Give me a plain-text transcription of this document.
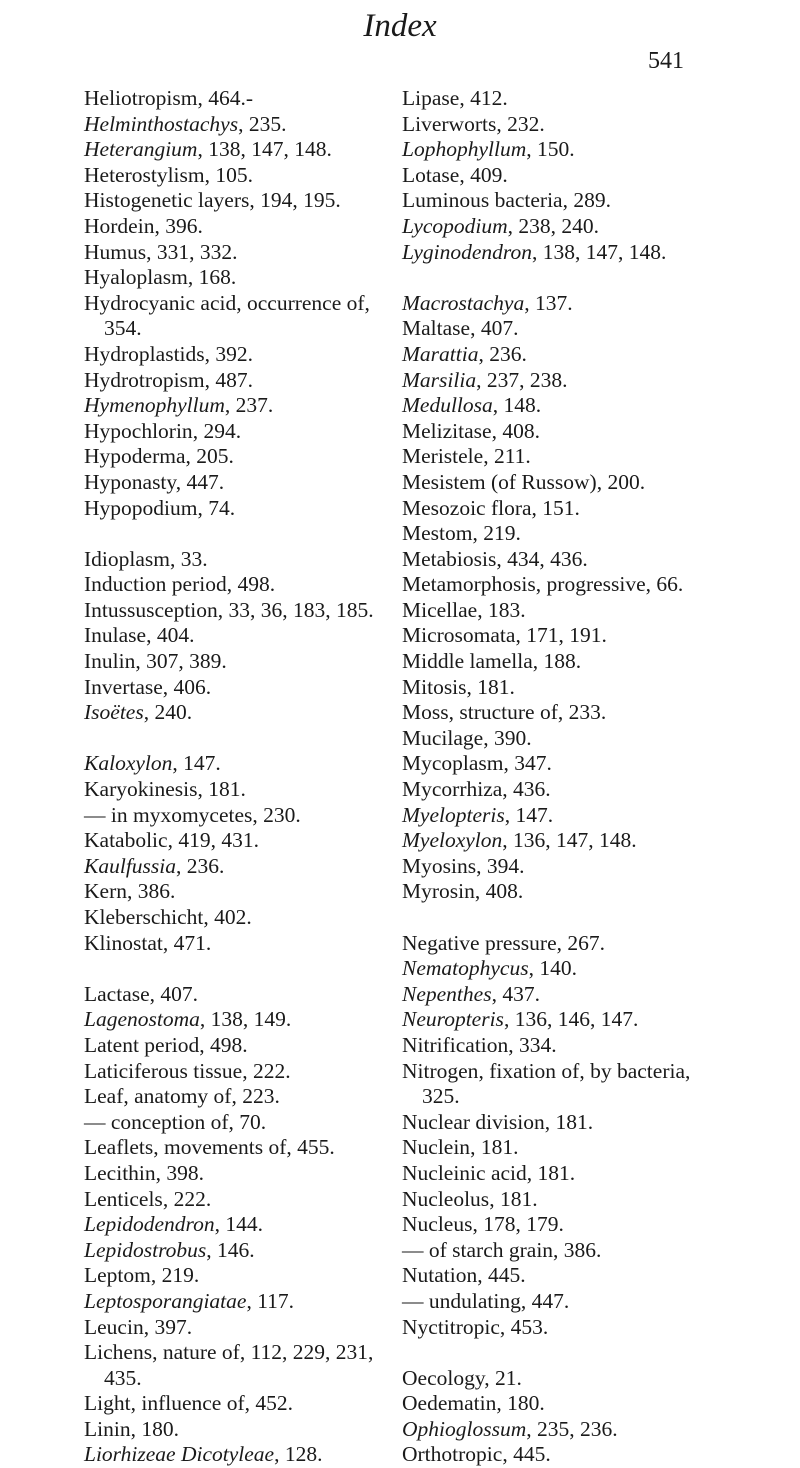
Index
541
Heliotropism, 464.-
Helminthostachys, 235.
Heterangium, 138, 147, 148.
Heterostylism, 105.
Histogenetic layers, 194, 195.
Hordein, 396.
Humus, 331, 332.
Hyaloplasm, 168.
Hydrocyanic acid, occurrence of,
354.
Hydroplastids, 392.
Hydrotropism, 487.
Hymenophyllum, 237.
Hypochlorin, 294.
Hypoderma, 205.
Hyponasty, 447.
Hypopodium, 74.
Idioplasm, 33.
Induction period, 498.
Intussusception, 33, 36, 183, 185.
Inulase, 404.
Inulin, 307, 389.
Invertase, 406.
Isoëtes, 240.
Kaloxylon, 147.
Karyokinesis, 181.
— in myxomycetes, 230.
Katabolic, 419, 431.
Kaulfussia, 236.
Kern, 386.
Kleberschicht, 402.
Klinostat, 471.
Lactase, 407.
Lagenostoma, 138, 149.
Latent period, 498.
Laticiferous tissue, 222.
Leaf, anatomy of, 223.
— conception of, 70.
Leaflets, movements of, 455.
Lecithin, 398.
Lenticels, 222.
Lepidodendron, 144.
Lepidostrobus, 146.
Leptom, 219.
Leptosporangiatae, 117.
Leucin, 397.
Lichens, nature of, 112, 229, 231,
435.
Light, influence of, 452.
Linin, 180.
Liorhizeae Dicotyleae, 128.
Lipase, 412.
Liverworts, 232.
Lophophyllum, 150.
Lotase, 409.
Luminous bacteria, 289.
Lycopodium, 238, 240.
Lyginodendron, 138, 147, 148.
Macrostachya, 137.
Maltase, 407.
Marattia, 236.
Marsilia, 237, 238.
Medullosa, 148.
Melizitase, 408.
Meristele, 211.
Mesistem (of Russow), 200.
Mesozoic flora, 151.
Mestom, 219.
Metabiosis, 434, 436.
Metamorphosis, progressive, 66.
Micellae, 183.
Microsomata, 171, 191.
Middle lamella, 188.
Mitosis, 181.
Moss, structure of, 233.
Mucilage, 390.
Mycoplasm, 347.
Mycorrhiza, 436.
Myelopteris, 147.
Myeloxylon, 136, 147, 148.
Myosins, 394.
Myrosin, 408.
Negative pressure, 267.
Nematophycus, 140.
Nepenthes, 437.
Neuropteris, 136, 146, 147.
Nitrification, 334.
Nitrogen, fixation of, by bacteria,
325.
Nuclear division, 181.
Nuclein, 181.
Nucleinic acid, 181.
Nucleolus, 181.
Nucleus, 178, 179.
— of starch grain, 386.
Nutation, 445.
— undulating, 447.
Nyctitropic, 453.
Oecology, 21.
Oedematin, 180.
Ophioglossum, 235, 236.
Orthotropic, 445.
